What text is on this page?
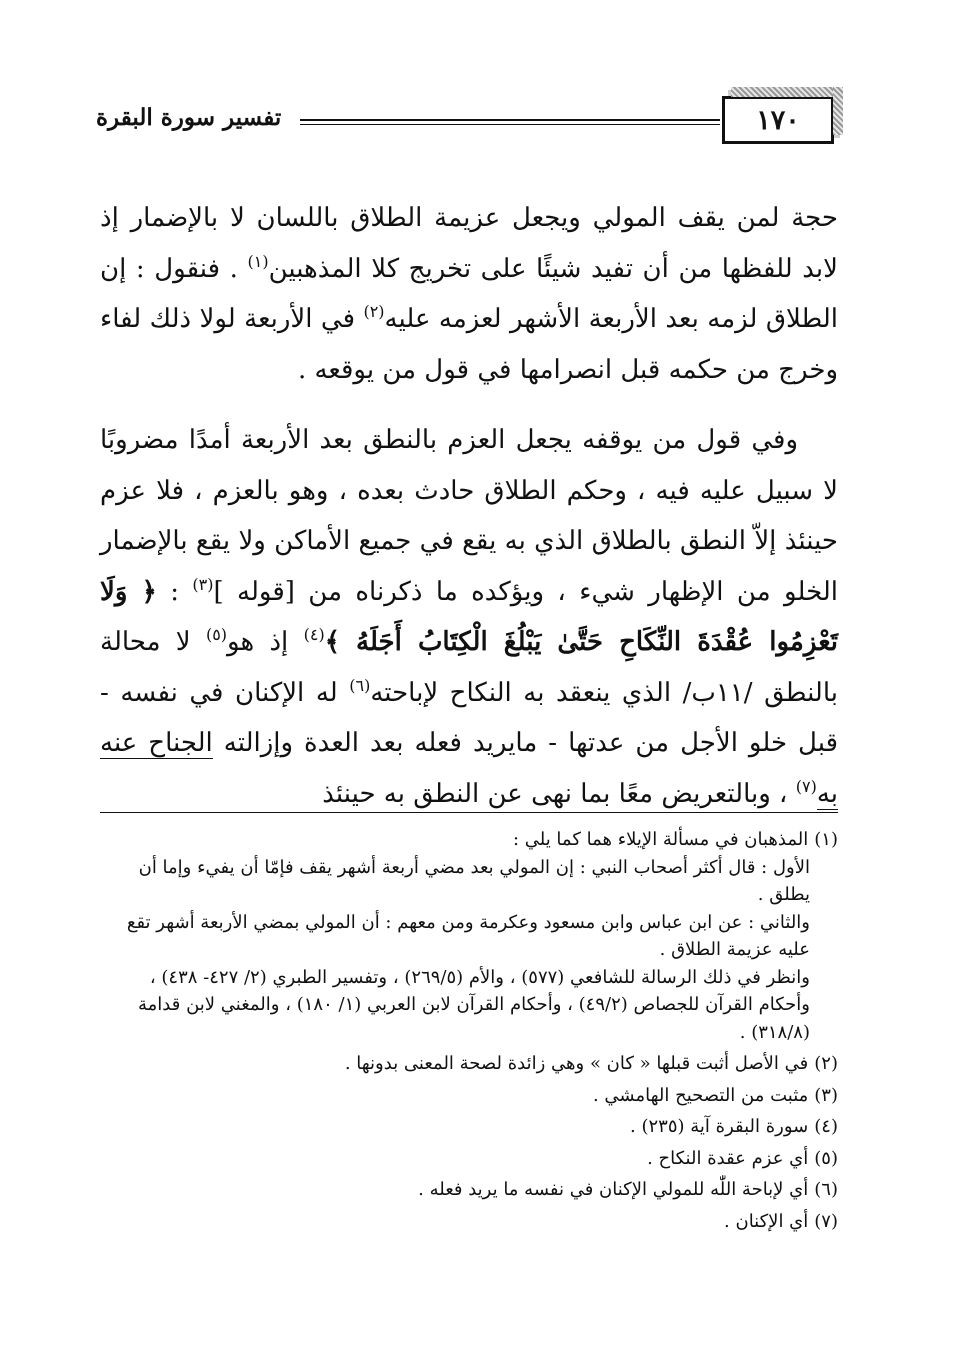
١٧٠
تفسير سورة البقرة

حجة لمن يقف المولي ويجعل عزيمة الطلاق باللسان لا بالإضمار إذ لابد للفظها من أن تفيد شيئًا على تخريج كلا المذهبين$^{(١)}$ . فنقول : إن الطلاق لزمه بعد الأربعة الأشهر لعزمه عليه$^{(٢)}$ في الأربعة لولا ذلك لفاء وخرج من حكمه قبل انصرامها في قول من يوقعه .

وفي قول من يوقفه يجعل العزم بالنطق بعد الأربعة أمدًا مضروبًا لا سبيل عليه فيه ، وحكم الطلاق حادث بعده ، وهو بالعزم ، فلا عزم حينئذ إلاّ النطق بالطلاق الذي به يقع في جميع الأماكن ولا يقع بالإضمار الخلو من الإظهار شيء ، ويؤكده ما ذكرناه من [قوله ]$^{(٣)}$ : ﴿ وَلَا تَعْزِمُوا عُقْدَةَ النِّكَاحِ حَتَّىٰ يَبْلُغَ الْكِتَابُ أَجَلَهُ ﴾$^{(٤)}$ إذ هو$^{(٥)}$ لا محالة بالنطق /١١ب/ الذي ينعقد به النكاح لإباحته$^{(٦)}$ له الإكنان في نفسه - قبل خلو الأجل من عدتها - مايريد فعله بعد العدة وإزالته الجناح عنه به$^{(٧)}$ ، وبالتعريض معًا بما نهى عن النطق به حينئذ

(١) المذهبان في مسألة الإيلاء هما كما يلي :

الأول : قال أكثر أصحاب النبي : إن المولي بعد مضي أربعة أشهر يقف فإمّا أن يفيء وإما أن يطلق .

والثاني : عن ابن عباس وابن مسعود وعكرمة ومن معهم : أن المولي بمضي الأربعة أشهر تقع عليه عزيمة الطلاق .

وانظر في ذلك الرسالة للشافعي (٥٧٧) ، والأم (٢٦٩/٥) ، وتفسير الطبري (٢/ ٤٢٧- ٤٣٨) ، وأحكام القرآن للجصاص (٤٩/٢) ، وأحكام القرآن لابن العربي (١/ ١٨٠) ، والمغني لابن قدامة (٣١٨/٨) .

(٢) في الأصل أثبت قبلها « كان » وهي زائدة لصحة المعنى بدونها .
(٣) مثبت من التصحيح الهامشي .
(٤) سورة البقرة آية (٢٣٥) .
(٥) أي عزم عقدة النكاح .
(٦) أي لإباحة اللّٰه للمولي الإكنان في نفسه ما يريد فعله .
(٧) أي الإكنان .
